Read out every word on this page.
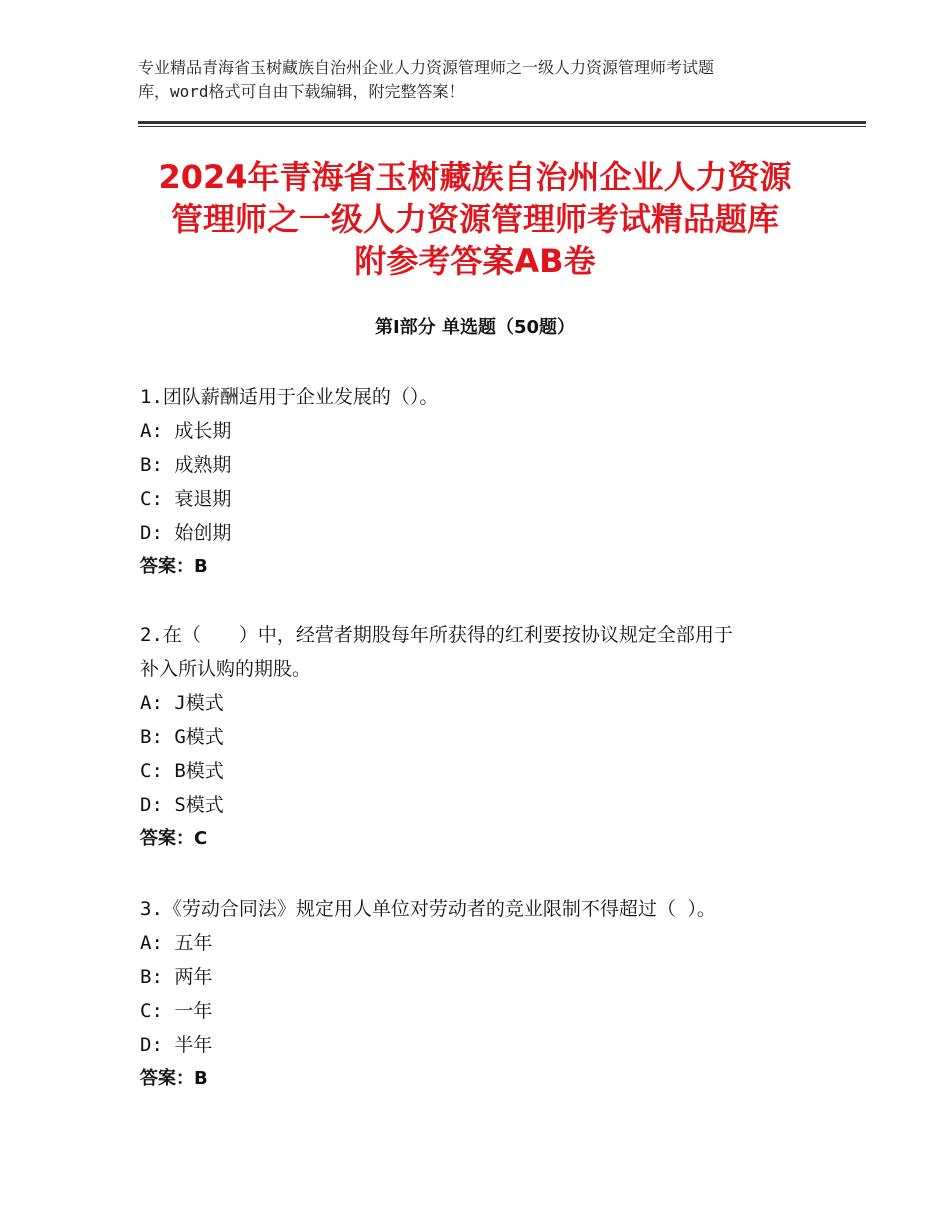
专业精品青海省玉树藏族自治州企业人力资源管理师之一级人力资源管理师考试题
库，word格式可自由下载编辑，附完整答案！
2024年青海省玉树藏族自治州企业人力资源
管理师之一级人力资源管理师考试精品题库
附参考答案AB卷
第Ⅰ部分 单选题（50题）
1.团队薪酬适用于企业发展的（）。
A: 成长期
B: 成熟期
C: 衰退期
D: 始创期
答案：B
2.在（　　）中，经营者期股每年所获得的红利要按协议规定全部用于
补入所认购的期股。
A: J模式
B: G模式
C: B模式
D: S模式
答案：C
3.《劳动合同法》规定用人单位对劳动者的竞业限制不得超过（ ）。
A: 五年
B: 两年
C: 一年
D: 半年
答案：B
